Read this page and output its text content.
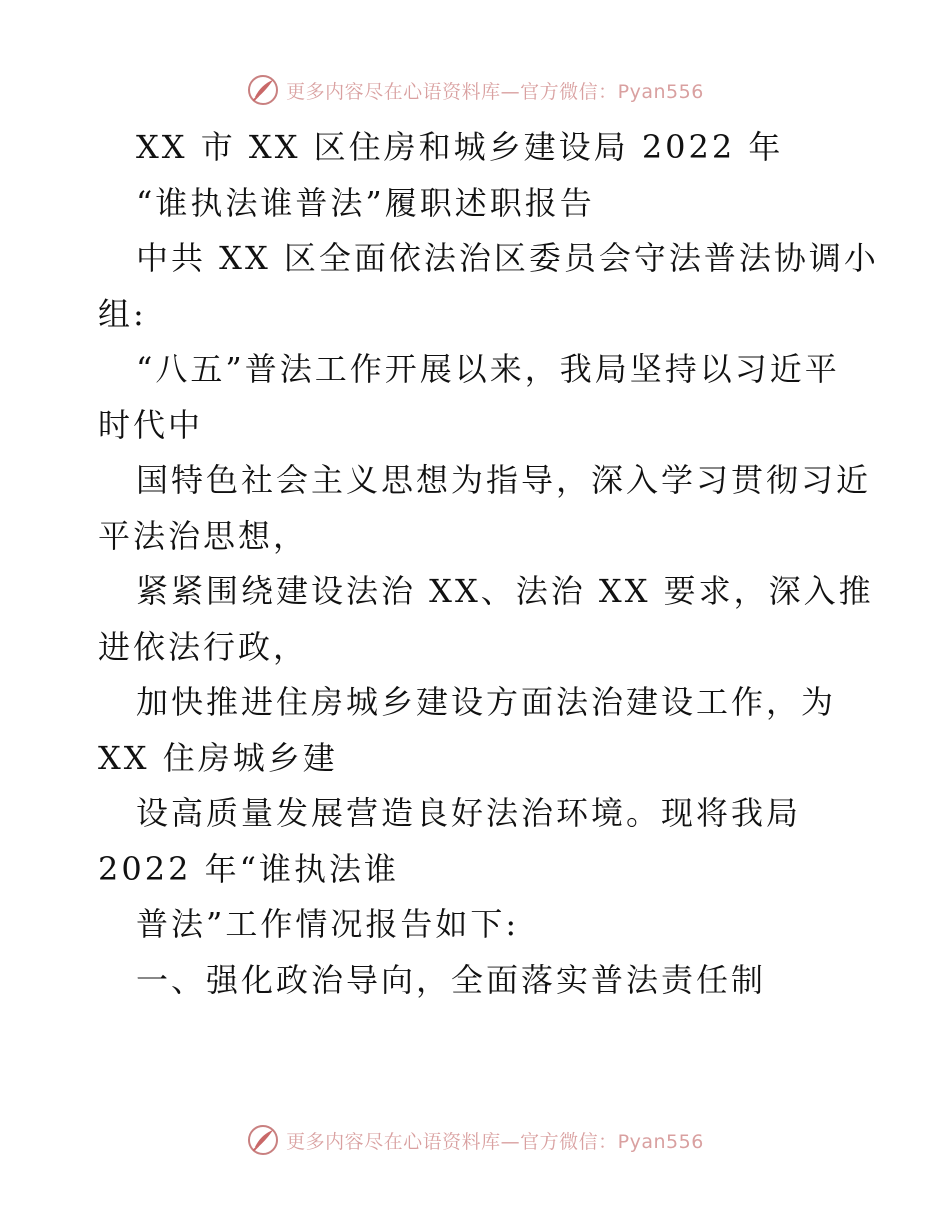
更多内容尽在心语资料库—官方微信：Pyan556
XX 市 XX 区住房和城乡建设局 2022 年
“谁执法谁普法”履职述职报告
中共 XX 区全面依法治区委员会守法普法协调小
组:
“八五”普法工作开展以来，我局坚持以习近平
时代中
国特色社会主义思想为指导，深入学习贯彻习近
平法治思想，
紧紧围绕建设法治 XX、法治 XX 要求，深入推
进依法行政，
加快推进住房城乡建设方面法治建设工作，为
XX 住房城乡建
设高质量发展营造良好法治环境。现将我局
2022 年“谁执法谁
普法”工作情况报告如下:
一、强化政治导向，全面落实普法责任制
更多内容尽在心语资料库—官方微信：Pyan556
